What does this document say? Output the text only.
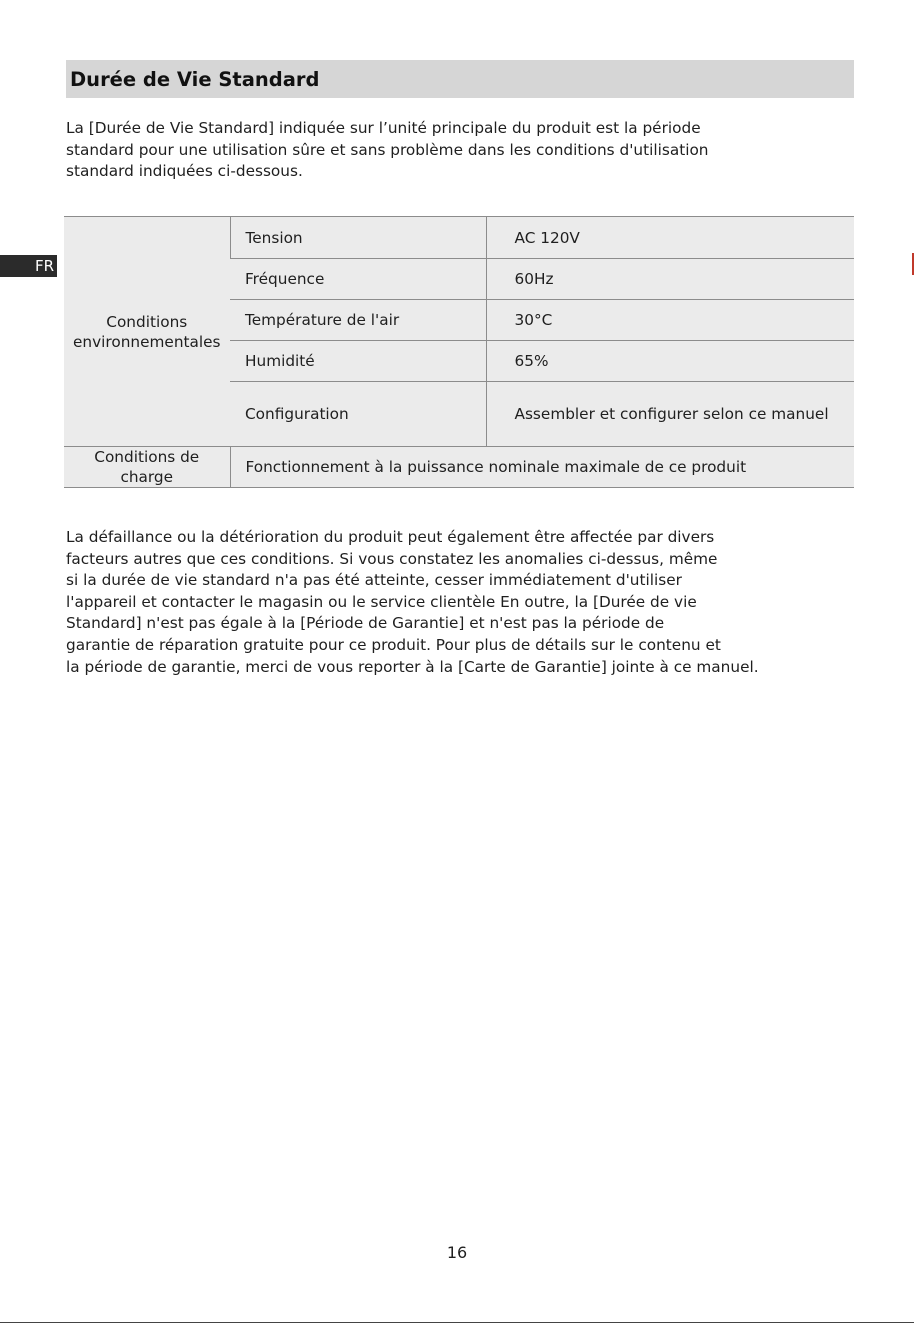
Durée de Vie Standard
FR

La [Durée de Vie Standard] indiquée sur l’unité principale du produit est la période
standard pour une utilisation sûre et sans problème dans les conditions d'utilisation
standard indiquées ci-dessous.

Conditions environnementales	Tension	AC 120V
	Fréquence	60Hz
	Température de l'air	30°C
	Humidité	65%
	Configuration	Assembler et configurer selon ce manuel
Conditions de charge	Fonctionnement à la puissance nominale maximale de ce produit	

La défaillance ou la détérioration du produit peut également être affectée par divers
facteurs autres que ces conditions. Si vous constatez les anomalies ci-dessus, même
si la durée de vie standard n'a pas été atteinte, cesser immédiatement d'utiliser
l'appareil et contacter le magasin ou le service clientèle En outre, la [Durée de vie
Standard] n'est pas égale à la [Période de Garantie] et n'est pas la période de
garantie de réparation gratuite pour ce produit. Pour plus de détails sur le contenu et
la période de garantie, merci de vous reporter à la [Carte de Garantie] jointe à ce manuel.

16
